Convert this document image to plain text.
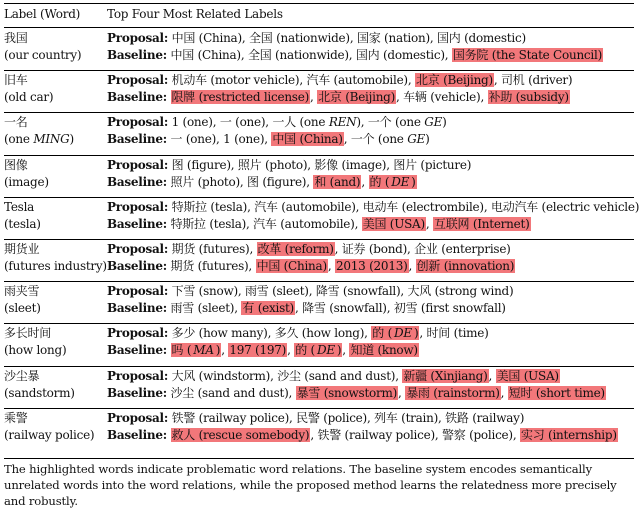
Label (Word) Top Four Most Related Labels
我国
(our country)
Proposal: 中国 (China), 全国 (nationwide), 国家 (nation), 国内 (domestic)
Baseline: 中国 (China), 全国 (nationwide), 国内 (domestic), 国务院 (the State Council)
旧车
(old car)
Proposal: 机动车 (motor vehicle), 汽车 (automobile), 北京 (Beijing), 司机 (driver)
Baseline: 限牌 (restricted license), 北京 (Beijing), 车辆 (vehicle), 补助 (subsidy)
一名
(one MING)
Proposal: 1 (one), 一 (one), 一人 (one REN), 一个 (one GE)
Baseline: 一 (one), 1 (one), 中国 (China), 一个 (one GE)
图像
(image)
Proposal: 图 (figure), 照片 (photo), 影像 (image), 图片 (picture)
Baseline: 照片 (photo), 图 (figure), 和 (and), 的 ( DE )
Tesla
(tesla)
Proposal: 特斯拉 (tesla), 汽车 (automobile), 电动车 (electrombile), 电动汽车 (electric vehicle)
Baseline: 特斯拉 (tesla), 汽车 (automobile), 美国 (USA), 互联网 (Internet)
期货业
(futures industry)
Proposal: 期货 (futures), 改革 (reform), 证券 (bond), 企业 (enterprise)
Baseline: 期货 (futures), 中国 (China), 2013 (2013), 创新 (innovation)
雨夹雪
(sleet)
Proposal: 下雪 (snow), 雨雪 (sleet), 降雪 (snowfall), 大风 (strong wind)
Baseline: 雨雪 (sleet), 有 (exist), 降雪 (snowfall), 初雪 (first snowfall)
多长时间
(how long)
Proposal: 多少 (how many), 多久 (how long), 的 ( DE ), 时间 (time)
Baseline: 吗 ( MA ), 197 (197), 的 ( DE ), 知道 (know)
沙尘暴
(sandstorm)
Proposal: 大风 (windstorm), 沙尘 (sand and dust), 新疆 (Xinjiang), 美国 (USA)
Baseline: 沙尘 (sand and dust), 暴雪 (snowstorm), 暴雨 (rainstorm), 短时 (short time)
乘警
(railway police)
Proposal: 铁警 (railway police), 民警 (police), 列车 (train), 铁路 (railway)
Baseline: 救人 (rescue somebody), 铁警 (railway police), 警察 (police), 实习 (internship)
The highlighted words indicate problematic word relations. The baseline system encodes semantically unrelated words into the word relations, while the proposed method learns the relatedness more precisely and robustly.
